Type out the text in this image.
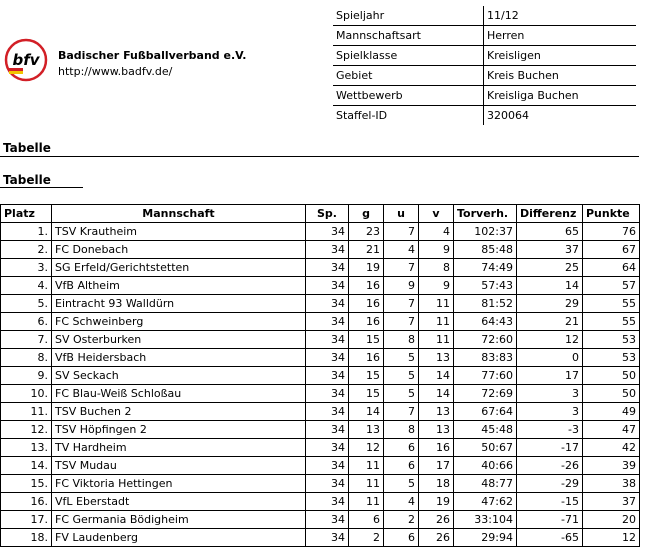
bfv Badischer Fußballverband e.V.
http://www.badfv.de/
Spieljahr	11/12
Mannschaftsart	Herren
Spielklasse	Kreisligen
Gebiet	Kreis Buchen
Wettbewerb	Kreisliga Buchen
Staffel-ID	320064
Tabelle
Tabelle
Platz	Mannschaft	Sp.	g	u	v	Torverh.	Differenz	Punkte
1.	TSV Krautheim	34	23	7	4	102:37	65	76
2.	FC Donebach	34	21	4	9	85:48	37	67
3.	SG Erfeld/Gerichtstetten	34	19	7	8	74:49	25	64
4.	VfB Altheim	34	16	9	9	57:43	14	57
5.	Eintracht 93 Walldürn	34	16	7	11	81:52	29	55
6.	FC Schweinberg	34	16	7	11	64:43	21	55
7.	SV Osterburken	34	15	8	11	72:60	12	53
8.	VfB Heidersbach	34	16	5	13	83:83	0	53
9.	SV Seckach	34	15	5	14	77:60	17	50
10.	FC Blau-Weiß Schloßau	34	15	5	14	72:69	3	50
11.	TSV Buchen 2	34	14	7	13	67:64	3	49
12.	TSV Höpfingen 2	34	13	8	13	45:48	-3	47
13.	TV Hardheim	34	12	6	16	50:67	-17	42
14.	TSV Mudau	34	11	6	17	40:66	-26	39
15.	FC Viktoria Hettingen	34	11	5	18	48:77	-29	38
16.	VfL Eberstadt	34	11	4	19	47:62	-15	37
17.	FC Germania Bödigheim	34	6	2	26	33:104	-71	20
18.	FV Laudenberg	34	2	6	26	29:94	-65	12
